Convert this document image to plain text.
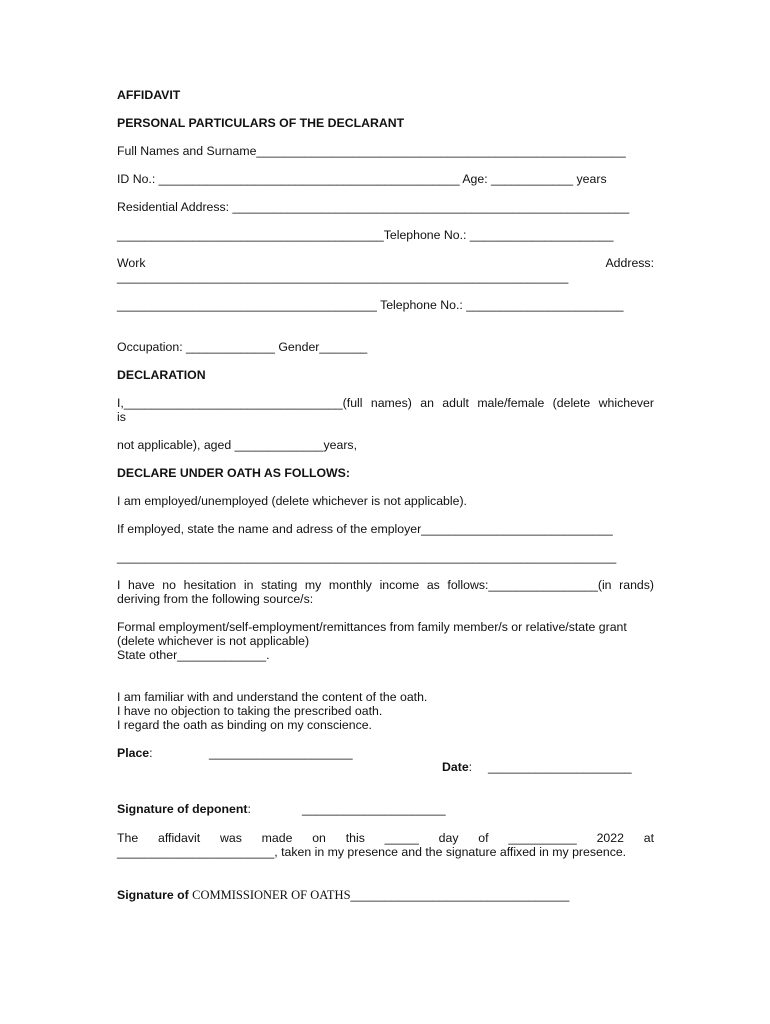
AFFIDAVIT
PERSONAL PARTICULARS OF THE DECLARANT
Full Names and Surname______________________________________________________
ID No.: ____________________________________________ Age: ____________ years
Residential Address: __________________________________________________________
_______________________________________Telephone No.: _____________________
Work	Address:
__________________________________________________________________
______________________________________ Telephone No.: _______________________
Occupation: _____________ Gender_______
DECLARATION
I,________________________________(full names) an adult male/female (delete whichever
is
not applicable), aged _____________years,
DECLARE UNDER OATH AS FOLLOWS:
I am employed/unemployed (delete whichever is not applicable).
If employed, state the name and adress of the employer____________________________
_________________________________________________________________________
I have no hesitation in stating my monthly income as follows:________________(in rands)
deriving from the following source/s:
Formal employment/self-employment/remittances from family member/s or relative/state grant
(delete whichever is not applicable)
State other_____________.
I am familiar with and understand the content of the oath.
I have no objection to taking the prescribed oath.
I regard the oath as binding on my conscience.
Place:	_____________________
Date: _____________________
Signature of deponent:	_____________________
The affidavit was made on this _____ day of __________ 2022 at
_______________________, taken in my presence and the signature affixed in my presence.
Signature of COMMISSIONER OF OATHS________________________________
